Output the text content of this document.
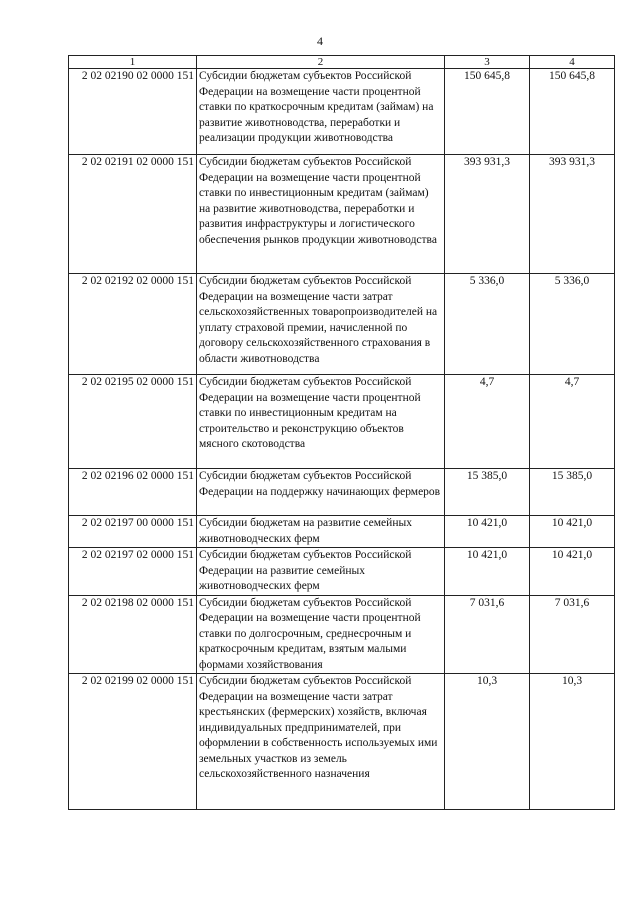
4
1	2	3	4
2 02 02190 02 0000 151	Субсидии бюджетам субъектов Российской Федерации на возмещение части процентной ставки по краткосрочным кредитам (займам) на развитие животноводства, переработки и реализации продукции животноводства	150 645,8	150 645,8
2 02 02191 02 0000 151	Субсидии бюджетам субъектов Российской Федерации на возмещение части процентной ставки по инвестиционным кредитам (займам) на развитие животноводства, переработки и развития инфраструктуры и логистического обеспечения рынков продукции животноводства	393 931,3	393 931,3
2 02 02192 02 0000 151	Субсидии бюджетам субъектов Российской Федерации на возмещение части затрат сельскохозяйственных товаропроизводителей на уплату страховой премии, начисленной по договору сельскохозяйственного страхования в области животноводства	5 336,0	5 336,0
2 02 02195 02 0000 151	Субсидии бюджетам субъектов Российской Федерации на возмещение части процентной ставки по инвестиционным кредитам на строительство и реконструкцию объектов мясного скотоводства	4,7	4,7
2 02 02196 02 0000 151	Субсидии бюджетам субъектов Российской Федерации на поддержку начинающих фермеров	15 385,0	15 385,0
2 02 02197 00 0000 151	Субсидии бюджетам на развитие семейных животноводческих ферм	10 421,0	10 421,0
2 02 02197 02 0000 151	Субсидии бюджетам субъектов Российской Федерации на развитие семейных животноводческих ферм	10 421,0	10 421,0
2 02 02198 02 0000 151	Субсидии бюджетам субъектов Российской Федерации на возмещение части процентной ставки по долгосрочным, среднесрочным и краткосрочным кредитам, взятым малыми формами хозяйствования	7 031,6	7 031,6
2 02 02199 02 0000 151	Субсидии бюджетам субъектов Российской Федерации на возмещение части затрат крестьянских (фермерских) хозяйств, включая индивидуальных предпринимателей, при оформлении в собственность используемых ими земельных участков из земель сельскохозяйственного назначения	10,3	10,3
